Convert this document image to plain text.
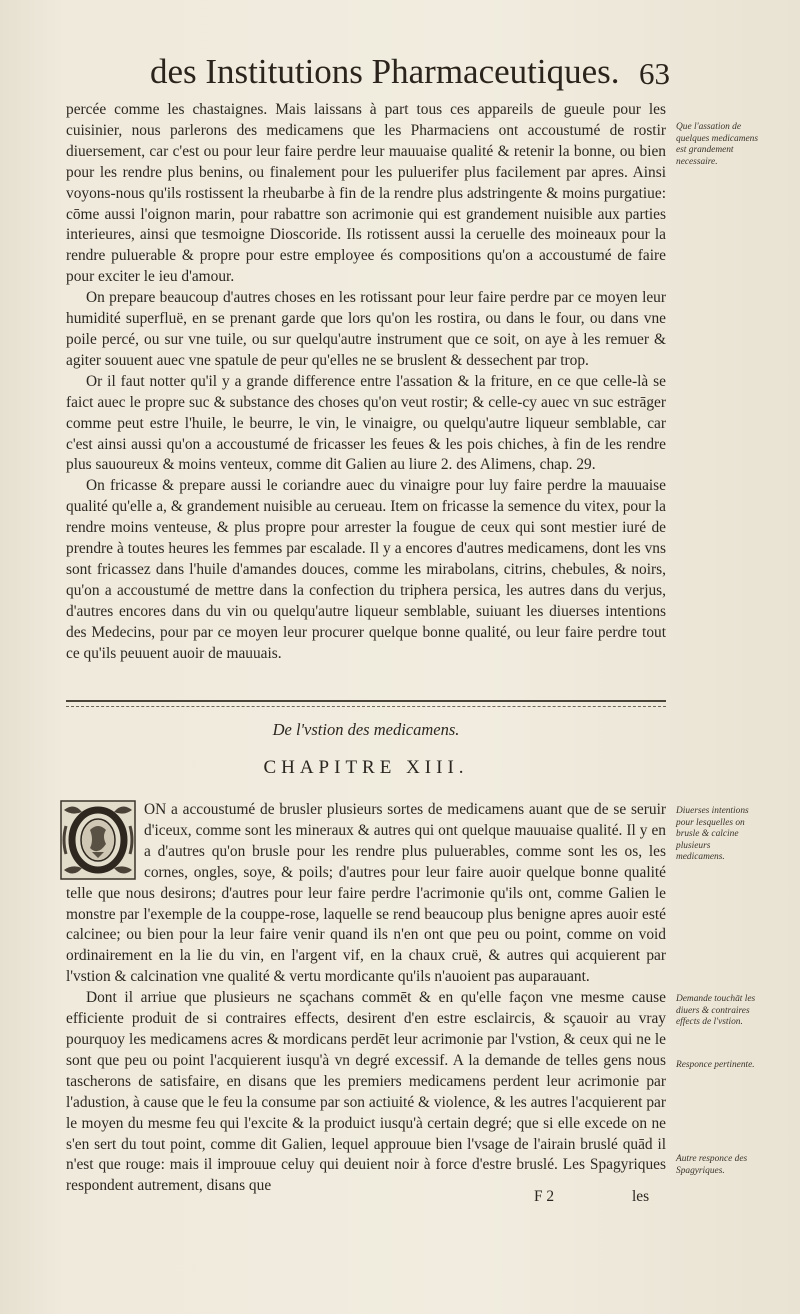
des Institutions Pharmaceutiques. 63

percée comme les chastaignes. Mais laissans à part tous ces appareils de gueule pour les cuisinier, nous parlerons des medicamens que les Pharmaciens ont accoustumé de rostir diuersement, car c'est ou pour leur faire perdre leur mauuaise qualité & retenir la bonne, ou bien pour les rendre plus benins, ou finalement pour les puluerifer plus facilement par apres. Ainsi voyons-nous qu'ils rostissent la rheubarbe à fin de la rendre plus adstringente & moins purgatiue: cōme aussi l'oignon marin, pour rabattre son acrimonie qui est grandement nuisible aux parties interieures, ainsi que tesmoigne Dioscoride. Ils rotissent aussi la ceruelle des moineaux pour la rendre puluerable & propre pour estre employee és compositions qu'on a accoustumé de faire pour exciter le ieu d'amour.

On prepare beaucoup d'autres choses en les rotissant pour leur faire perdre par ce moyen leur humidité superfluë, en se prenant garde que lors qu'on les rostira, ou dans le four, ou dans vne poile percé, ou sur vne tuile, ou sur quelqu'autre instrument que ce soit, on aye à les remuer & agiter souuent auec vne spatule de peur qu'elles ne se bruslent & dessechent par trop.

Or il faut notter qu'il y a grande difference entre l'assation & la friture, en ce que celle-là se faict auec le propre suc & substance des choses qu'on veut rostir; & celle-cy auec vn suc estrāger comme peut estre l'huile, le beurre, le vin, le vinaigre, ou quelqu'autre liqueur semblable, car c'est ainsi aussi qu'on a accoustumé de fricasser les feues & les pois chiches, à fin de les rendre plus sauoureux & moins venteux, comme dit Galien au liure 2. des Alimens, chap. 29.

On fricasse & prepare aussi le coriandre auec du vinaigre pour luy faire perdre la mauuaise qualité qu'elle a, & grandement nuisible au cerueau. Item on fricasse la semence du vitex, pour la rendre moins venteuse, & plus propre pour arrester la fougue de ceux qui sont mestier iuré de prendre à toutes heures les femmes par escalade. Il y a encores d'autres medicamens, dont les vns sont fricassez dans l'huile d'amandes douces, comme les mirabolans, citrins, chebules, & noirs, qu'on a accoustumé de mettre dans la confection du triphera persica, les autres dans du verjus, d'autres encores dans du vin ou quelqu'autre liqueur semblable, suiuant les diuerses intentions des Medecins, pour par ce moyen leur procurer quelque bonne qualité, ou leur faire perdre tout ce qu'ils peuuent auoir de mauuais.

De l'vstion des medicamens.
CHAPITRE XIII.

ON a accoustumé de brusler plusieurs sortes de medicamens auant que de se seruir d'iceux, comme sont les mineraux & autres qui ont quelque mauuaise qualité. Il y en a d'autres qu'on brusle pour les rendre plus puluerables, comme sont les os, les cornes, ongles, soye, & poils; d'autres pour leur faire auoir quelque bonne qualité telle que nous desirons; d'autres pour leur faire perdre l'acrimonie qu'ils ont, comme Galien le monstre par l'exemple de la couppe-rose, laquelle se rend beaucoup plus benigne apres auoir esté calcinee; ou bien pour la leur faire venir quand ils n'en ont que peu ou point, comme on void ordinairement en la lie du vin, en l'argent vif, en la chaux cruë, & autres qui acquierent par l'vstion & calcination vne qualité & vertu mordicante qu'ils n'auoient pas auparauant.

Dont il arriue que plusieurs ne sçachans commēt & en qu'elle façon vne mesme cause efficiente produit de si contraires effects, desirent d'en estre esclaircis, & sçauoir au vray pourquoy les medicamens acres & mordicans perdēt leur acrimonie par l'vstion, & ceux qui ne le sont que peu ou point l'acquierent iusqu'à vn degré excessif. A la demande de telles gens nous tascherons de satisfaire, en disans que les premiers medicamens perdent leur acrimonie par l'adustion, à cause que le feu la consume par son actiuité & violence, & les autres l'acquierent par le moyen du mesme feu qui l'excite & la produict iusqu'à certain degré; que si elle excede on ne s'en sert du tout point, comme dit Galien, lequel approuue bien l'vsage de l'airain bruslé quād il n'est que rouge: mais il improuue celuy qui deuient noir à force d'estre bruslé. Les Spagyriques respondent autrement, disans que

Que l'assation de quelques medicamens est grandement necessaire.
Diuerses intentions pour lesquelles on brusle & calcine plusieurs medicamens.
Demande touchāt les diuers & contraires effects de l'vstion.
Responce pertinente.
Autre responce des Spagyriques.
F 2	les
